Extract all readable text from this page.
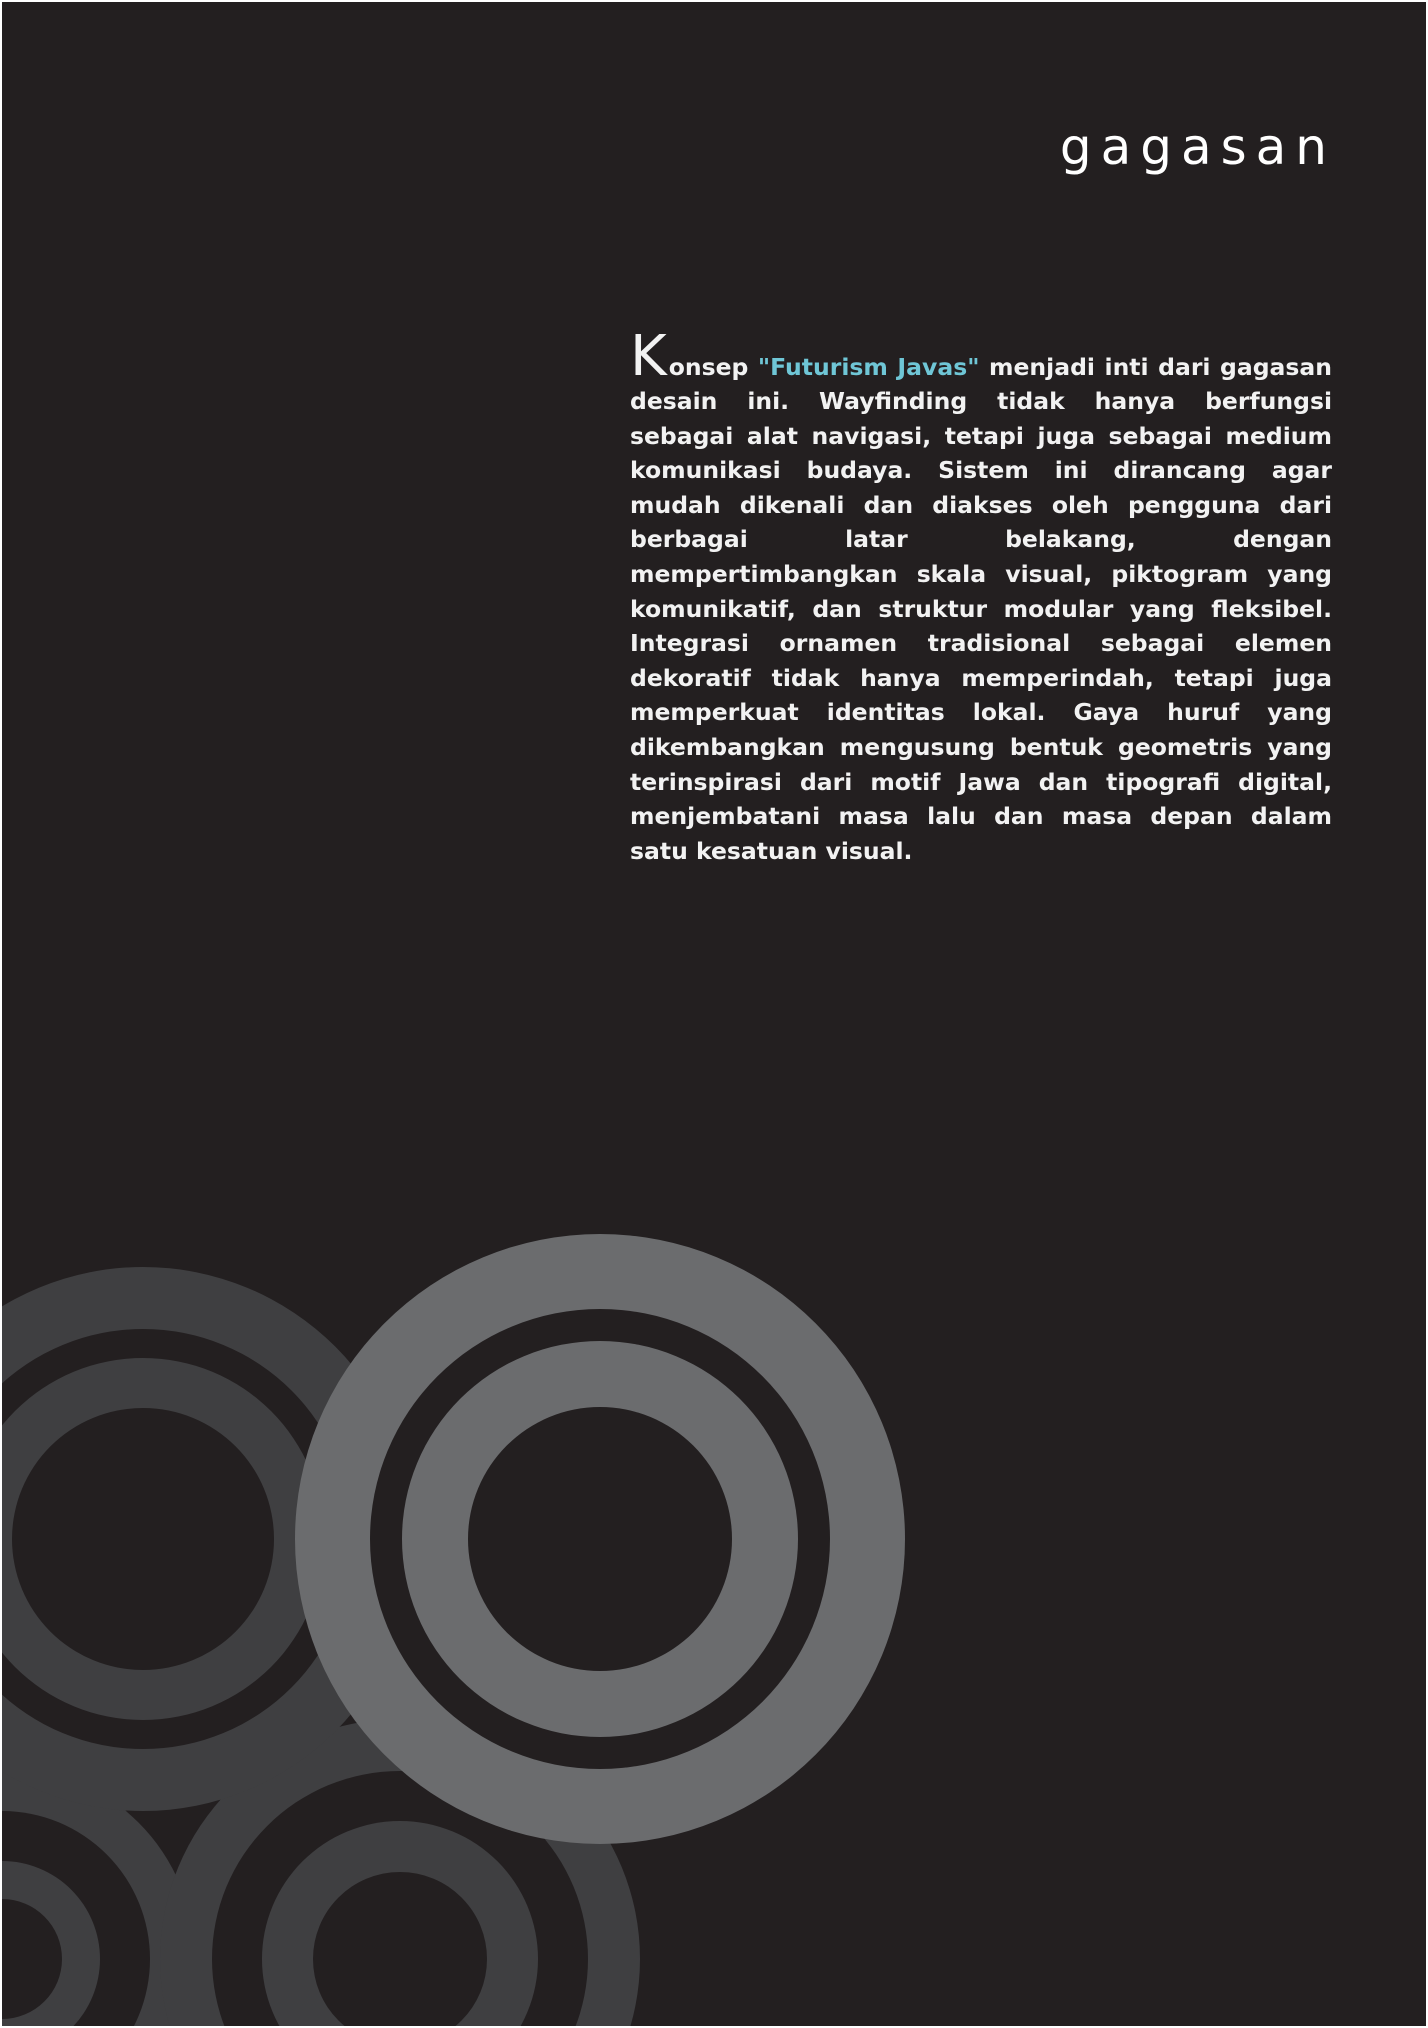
gagasan

Konsep "Futurism Javas" menjadi inti dari gagasan desain ini. Wayfinding tidak hanya berfungsi sebagai alat navigasi, tetapi juga sebagai medium komunikasi budaya. Sistem ini dirancang agar mudah dikenali dan diakses oleh pengguna dari berbagai latar belakang, dengan mempertimbangkan skala visual, piktogram yang komunikatif, dan struktur modular yang fleksibel. Integrasi ornamen tradisional sebagai elemen dekoratif tidak hanya memperindah, tetapi juga memperkuat identitas lokal. Gaya huruf yang dikembangkan mengusung bentuk geometris yang terinspirasi dari motif Jawa dan tipografi digital, menjembatani masa lalu dan masa depan dalam satu kesatuan visual.
